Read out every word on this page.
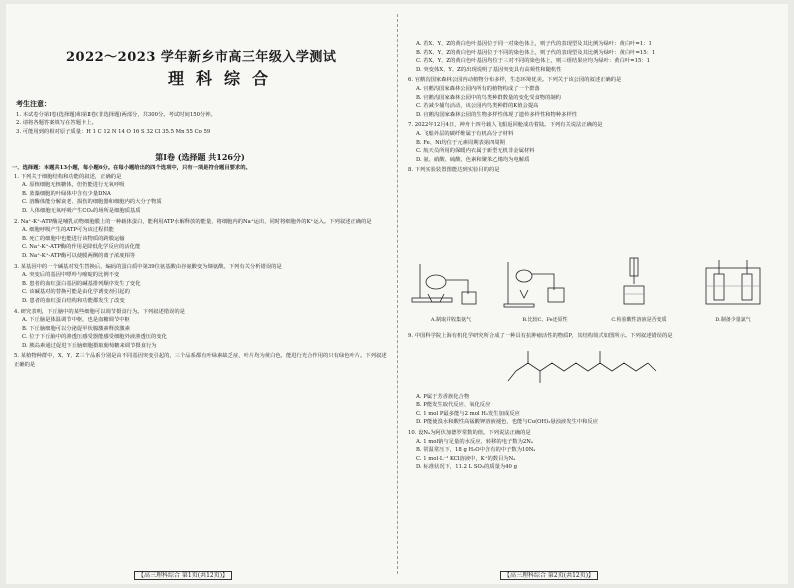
2022～2023 学年新乡市高三年级入学测试
理科综合
考生注意：
1. 本试卷分第Ⅰ卷(选择题)和第Ⅱ卷(非选择题)两部分，共300分。考试时间150分钟。
2. 请将各题答案填写在答题卡上。
3. 可能用到的相对原子质量：H 1 C 12 N 14 O 16 S 32 Cl 35.5 Mn 55 Co 59
第Ⅰ卷 (选择题 共126分)
一、选择题：本题共13小题，每小题6分。在每小题给出的四个选项中，只有一项是符合题目要求的。
1. 下列关于细胞结构和功能的叙述，正确的是
A. 原核细胞无核糖体，但仍能进行无氧呼吸
B. 蓝藻细胞的叶绿体中含有少量DNA
C. 溶酶体能分解衰老、损伤的细胞器和细胞内的大分子物质
D. 人体细胞无氧呼吸产生CO₂的场所是细胞质基质
2. Na⁺-K⁺-ATP酶是哺乳动物细胞膜上的一种载体蛋白，能利用ATP水解释放的能量，将细胞内的Na⁺运出，同时将细胞外的K⁺运入。下列叙述正确的是
A. 细胞呼吸产生的ATP可为该过程供能
B. 死亡的细胞中也能进行该物质的跨膜运输
C. Na⁺-K⁺-ATP酶的作用是降低化学反应的活化能
D. Na⁺-K⁺-ATP酶可以使膜两侧的离子浓度相等
3. 某基因中的一个碱基对发生替换后，编码的蛋白质中第39位氨基酸由谷氨酸变为缬氨酸。下列有关分析错误的是
A. 突变后的基因中嘌呤与嘧啶的比例不变
B. 患者的血红蛋白基因的碱基排列顺序发生了变化
C. 该碱基对的替换可能是由化学诱变剂引起的
D. 患者的血红蛋白结构和功能都发生了改变
4. 研究表明，下丘脑中的某些细胞可以调节摄食行为。下列叙述错误的是
A. 下丘脑是体温调节中枢，也是血糖调节中枢
B. 下丘脑细胞可以分泌促甲状腺激素释放激素
C. 位于下丘脑中的渗透压感受器能感受细胞外液渗透压的变化
D. 胰岛素通过促进下丘脑细胞摄取葡萄糖来调节摄食行为
5. 某植物种群中，X、Y、Z三个品系分别是由不同基因突变引起的，三个品系都有叶绿素缺乏症，叶片均为黄白色，能进行光合作用的只有绿色叶片。下列叙述正确的是
【高三理科综合 第1页(共12页)】
A. 若X、Y、Z的黄白色叶基因位于同一对染色体上，则子代的表现型及其比例为绿叶：黄白叶=1：1
B. 若X、Y、Z的黄白色叶基因位于不同的染色体上，则子代的表现型及其比例为绿叶：黄白叶=15：1
C. 若X、Y、Z的黄白色叶基因均位于三对不同的染色体上，则三组结果应均为绿叶：黄白叶=15：1
D. 突变体X、Y、Z的出现说明了基因突变具有高频性和随机性
6. 官鹅沟国家森林公园内动植物分布多样，生态环境优美。下列关于该公园的叙述正确的是
A. 官鹅沟国家森林公园内所有的植物构成了一个群落
B. 官鹅沟国家森林公园中的鸟类种群数量的变化受食物的制约
C. 若减少捕鸟活动，该公园内鸟类种群的K值会提高
D. 官鹅沟国家森林公园的生物多样性体现了遗传多样性和物种多样性
7. 2022年12月4日，神舟十四号载人飞船返回舱成功着陆。下列有关说法正确的是
A. 飞船外层的碳纤维属于有机高分子材料
B. Fe、Ni均位于元素周期表第四周期
C. 航天员所用的保暖内衣属于新型无机非金属材料
D. 氨、硝酸、硫酸、色素和聚苯乙烯均为电解质
8. 下列实验装置图能达到实验目的的是
9. 中国科学院上海有机化学研究所合成了一种具有抗肿瘤活性的物质P，其结构简式如图所示。下列叙述错误的是
A. P属于芳香族化合物
B. P能发生取代反应、氧化反应
C. 1 mol P最多能与2 mol H₂发生加成反应
D. P能使溴水和酸性高锰酸钾溶液褪色，也能与Cu(OH)₂悬浊液发生中和反应
10. 设Nₐ为阿伏加德罗常数的值。下列说法正确的是
A. 1 mol钠与足量的水反应，转移的电子数为2Nₐ
B. 常温常压下，18 g H₂O中含有的中子数为10Nₐ
C. 1 mol·L⁻¹ KCl溶液中，K⁺的数目为Nₐ
D. 标准状况下，11.2 L SO₃的质量为40 g
【高三理科综合 第2页(共12页)】
A.制取并收集氨气	B.比较C、Fe还原性	C.检验酸性溶液是否变质	D.制备少量氯气
